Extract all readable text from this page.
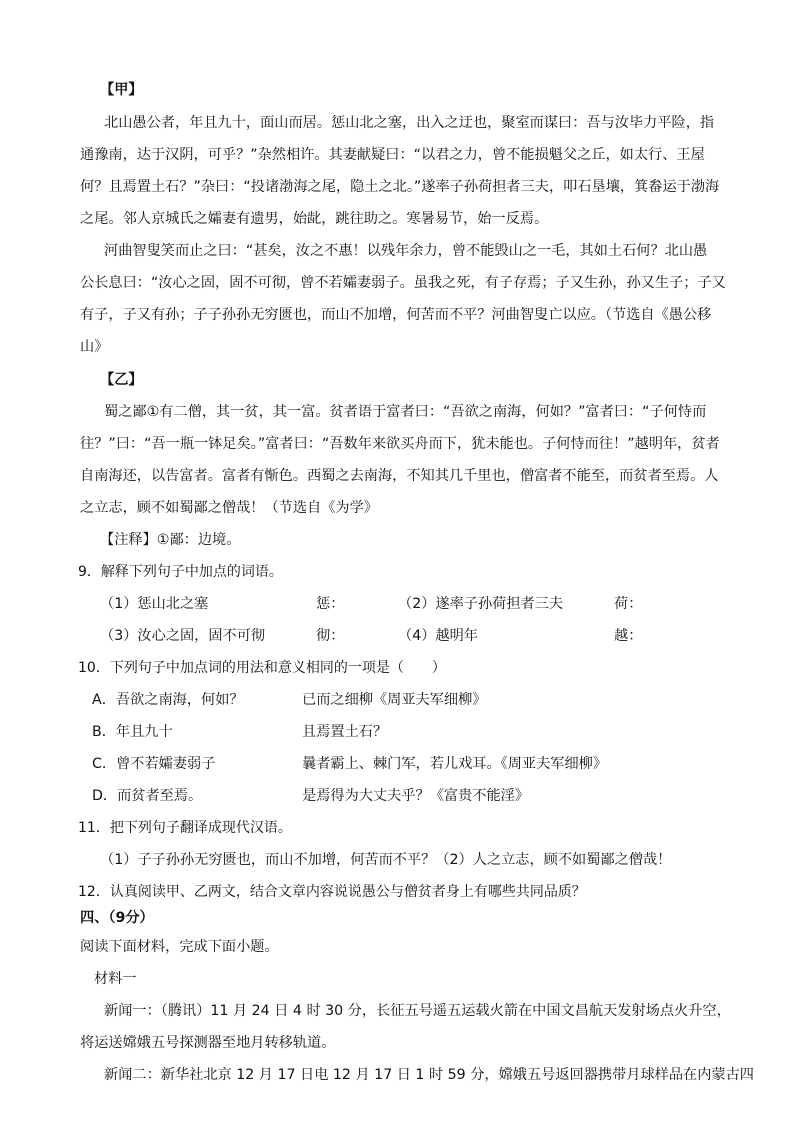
【甲】
北山愚公者，年且九十，面山而居。惩山北之塞，出入之迂也，聚室而谋曰：吾与汝毕力平险，指
通豫南，达于汉阴，可乎？”杂然相许。其妻献疑曰：“以君之力，曾不能损魁父之丘，如太行、王屋
何？且焉置土石？”杂曰：“投诸渤海之尾，隐土之北。”遂率子孙荷担者三夫，叩石垦壤，箕畚运于渤海
之尾。邻人京城氏之孀妻有遗男，始龀，跳往助之。寒暑易节，始一反焉。
河曲智叟笑而止之曰：“甚矣，汝之不惠！以残年余力，曾不能毁山之一毛，其如土石何？北山愚
公长息曰：“汝心之固，固不可彻，曾不若孀妻弱子。虽我之死，有子存焉；子又生孙，孙又生子；子又
有子，子又有孙；子子孙孙无穷匮也，而山不加增，何苦而不平？河曲智叟亡以应。（节选自《愚公移
山》
【乙】
蜀之鄙①有二僧，其一贫，其一富。贫者语于富者曰：“吾欲之南海，何如？”富者曰：“子何恃而
往？”曰：“吾一瓶一钵足矣。”富者曰：“吾数年来欲买舟而下，犹未能也。子何恃而往！”越明年，贫者
自南海还，以告富者。富者有惭色。西蜀之去南海，不知其几千里也，僧富者不能至，而贫者至焉。人
之立志，顾不如蜀鄙之僧哉！（节选自《为学》
【注释】①鄙：边境。
9．解释下列句子中加点的词语。
（1）惩山北之塞	惩：	（2）遂率子孙荷担者三夫	荷：
（3）汝心之固，固不可彻	彻：	（4）越明年	越：
10．下列句子中加点词的用法和意义相同的一项是（　　）
A．吾欲之南海，何如？	已而之细柳《周亚夫军细柳》
B．年且九十	且焉置土石？
C．曾不若孀妻弱子	曩者霸上、棘门军，若儿戏耳。《周亚夫军细柳》
D．而贫者至焉。	是焉得为大丈夫乎？《富贵不能淫》
11．把下列句子翻译成现代汉语。
（1）子子孙孙无穷匮也，而山不加增，何苦而不平？（2）人之立志，顾不如蜀鄙之僧哉！
12．认真阅读甲、乙两文，结合文章内容说说愚公与僧贫者身上有哪些共同品质？
四、（9分）
阅读下面材料，完成下面小题。
材料一
新闻一：（腾讯）11 月 24 日 4 时 30 分，长征五号遥五运载火箭在中国文昌航天发射场点火升空，
将运送嫦娥五号探测器至地月转移轨道。
新闻二：新华社北京 12 月 17 日电 12 月 17 日 1 时 59 分，嫦娥五号返回器携带月球样品在内蒙古四
